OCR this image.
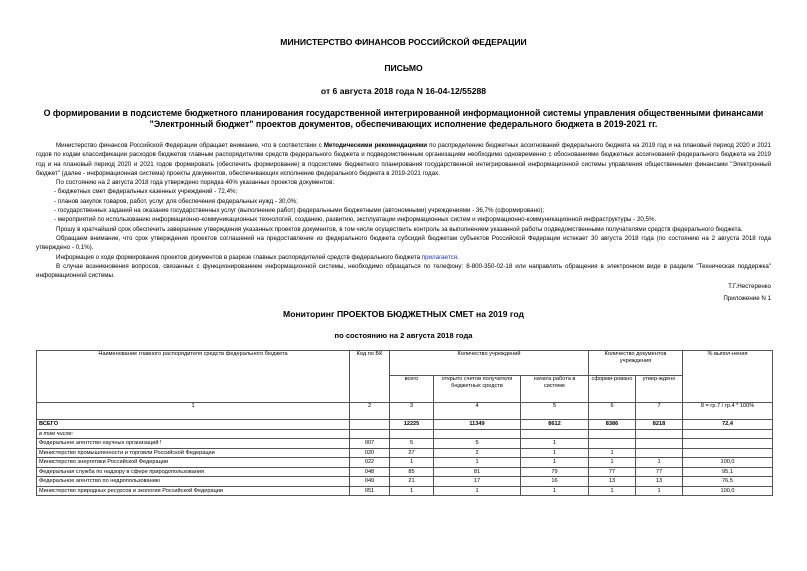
МИНИСТЕРСТВО ФИНАНСОВ РОССИЙСКОЙ ФЕДЕРАЦИИ
ПИСЬМО
от 6 августа 2018 года N 16-04-12/55288
О формировании в подсистеме бюджетного планирования государственной интегрированной информационной системы управления общественными финансами "Электронный бюджет" проектов документов, обеспечивающих исполнение федерального бюджета в 2019-2021 гг.

Министерство финансов Российской Федерации обращает внимание, что в соответствии с Методическими рекомендациями по распределению бюджетных ассигнований федерального бюджета на 2019 год и на плановый период 2020 и 2021 годов по кодам классификации расходов бюджетов главным распорядителям средств федерального бюджета и подведомственным организациям необходимо одновременно с обоснованиями бюджетных ассигнований федерального бюджета на 2019 год и на плановый период 2020 и 2021 годов формировать (обеспечить формирование) в подсистеме бюджетного планирования государственной интегрированной информационной системы управления общественными финансами "Электронный бюджет" (далее - информационная система) проекты документов, обеспечивающих исполнение федерального бюджета в 2019-2021 годах.

По состоянию на 2 августа 2018 года утверждено порядка 40% указанных проектов документов:

- бюджетных смет федеральных казенных учреждений - 72,4%;

- планов закупок товаров, работ, услуг для обеспечения федеральных нужд - 30,0%;

- государственных заданий на оказание государственных услуг (выполнение работ) федеральными бюджетными (автономными) учреждениями - 36,7% (сформировано);

- мероприятий по использованию информационно-коммуникационных технологий, созданию, развитию, эксплуатации информационных систем и информационно-коммуникационной инфраструктуры - 20,5%.

Прошу в кратчайший срок обеспечить завершение утверждения указанных проектов документов, в том числе осуществить контроль за выполнением указанной работы подведомственными получателями средств федерального бюджета.

Обращаем внимание, что срок утверждения проектов соглашений на предоставление из федерального бюджета субсидий бюджетам субъектов Российской Федерации истекает 30 августа 2018 года (по состоянию на 2 августа 2018 года утверждено - 0,1%).

Информация о ходе формирования проектов документов в разрезе главных распорядителей средств федерального бюджета прилагается.

В случае возникновения вопросов, связанных с функционированием информационной системы, необходимо обращаться по телефону: 8-800-350-02-18 или направлять обращения в электронном виде в разделе "Техническая поддержка" информационной системы.

Т.Г.Нестеренко
Приложение N 1
Мониторинг ПРОЕКТОВ БЮДЖЕТНЫХ СМЕТ на 2019 год
по состоянию на 2 августа 2018 года
Наименование главного распорядителя средств федерального бюджета	Код по БК	Количество учреждений			Количество документов учреждения		% выпол-нения
		всего	открыто счетов получателя бюджетных средств	начата работа в системе	сформи-ровано	утвер-ждено	
1	2	3	4	5	6	7	8 = гр.7 / гр.4 * 100%
ВСЕГО		12225	11349	8612	8386	8218	72,4
в том числе:							
Федеральное агентство научных организаций !	007	5	5	1			
Министерство промышленности и торговли Российской Федерации	020	27	2	1	1		
Министерство энергетики Российской Федерации	022	1	1	1	1	1	100,0
Федеральная служба по надзору в сфере природопользования	048	85	81	79	77	77	95,1
Федеральное агентство по недропользованию	049	21	17	16	13	13	76,5
Министерство природных ресурсов и экологии Российской Федерации	051	1	1	1	1	1	100,0
